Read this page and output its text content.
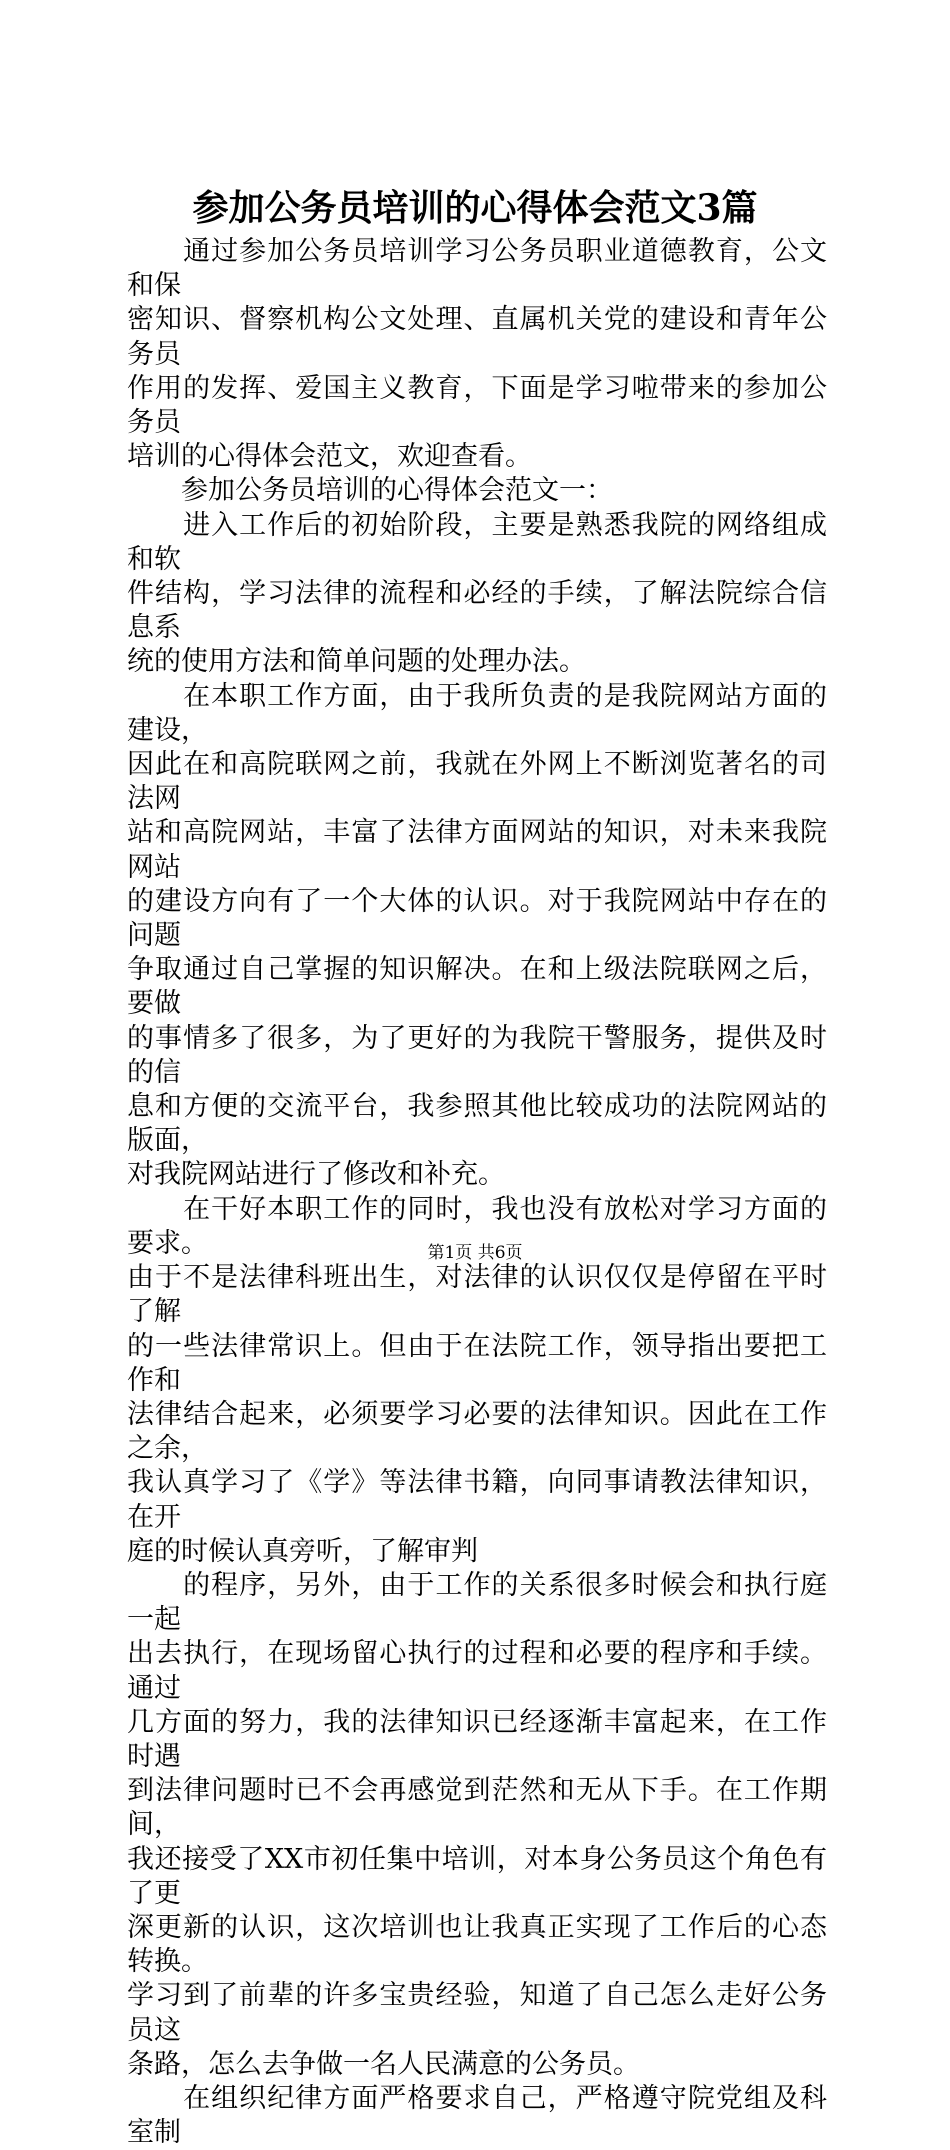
参加公务员培训的心得体会范文3篇

　　通过参加公务员培训学习公务员职业道德教育，公文和保

密知识、督察机构公文处理、直属机关党的建设和青年公务员

作用的发挥、爱国主义教育，下面是学习啦带来的参加公务员

培训的心得体会范文，欢迎查看。

　　参加公务员培训的心得体会范文一：

　　进入工作后的初始阶段，主要是熟悉我院的网络组成和软

件结构，学习法律的流程和必经的手续，了解法院综合信息系

统的使用方法和简单问题的处理办法。

　　在本职工作方面，由于我所负责的是我院网站方面的建设，

因此在和高院联网之前，我就在外网上不断浏览著名的司法网

站和高院网站，丰富了法律方面网站的知识，对未来我院网站

的建设方向有了一个大体的认识。对于我院网站中存在的问题

争取通过自己掌握的知识解决。在和上级法院联网之后，要做

的事情多了很多，为了更好的为我院干警服务，提供及时的信

息和方便的交流平台，我参照其他比较成功的法院网站的版面，

对我院网站进行了修改和补充。

　　在干好本职工作的同时，我也没有放松对学习方面的要求。

由于不是法律科班出生，对法律的认识仅仅是停留在平时了解

的一些法律常识上。但由于在法院工作，领导指出要把工作和

法律结合起来，必须要学习必要的法律知识。因此在工作之余，

我认真学习了《学》等法律书籍，向同事请教法律知识，在开

庭的时候认真旁听，了解审判

　　的程序，另外，由于工作的关系很多时候会和执行庭一起

出去执行，在现场留心执行的过程和必要的程序和手续。通过

几方面的努力，我的法律知识已经逐渐丰富起来，在工作时遇

到法律问题时已不会再感觉到茫然和无从下手。在工作期间，

我还接受了XX市初任集中培训，对本身公务员这个角色有了更

深更新的认识，这次培训也让我真正实现了工作后的心态转换。

学习到了前辈的许多宝贵经验，知道了自己怎么走好公务员这

条路，怎么去争做一名人民满意的公务员。

　　在组织纪律方面严格要求自己，严格遵守院党组及科室制

第1页 共6页
